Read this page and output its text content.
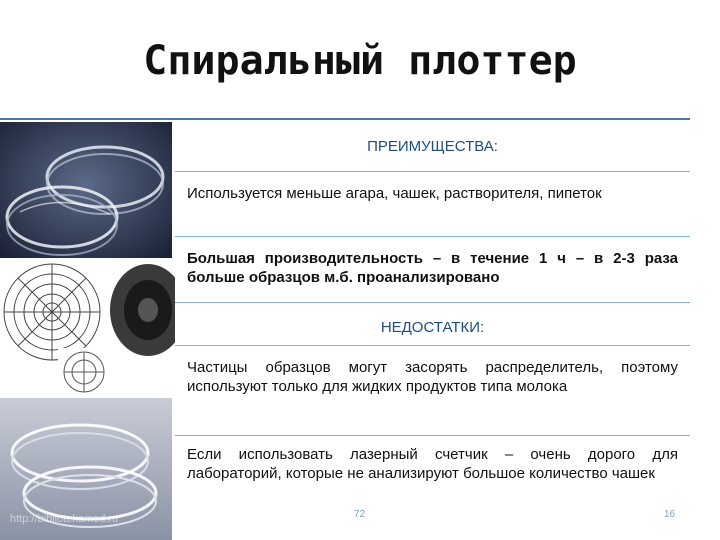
Спиральный плоттер
http://bibliotekamed.ru
ПРЕИМУЩЕСТВА:
Используется меньше агара, чашек, растворителя, пипеток
Большая производительность – в течение 1 ч – в 2-3 раза больше образцов м.б. проанализировано
НЕДОСТАТКИ:
Частицы образцов могут засорять распределитель, поэтому используют только для жидких продуктов типа молока
Если использовать лазерный счетчик – очень дорого для лабораторий, которые не анализируют большое количество чашек
72	16
